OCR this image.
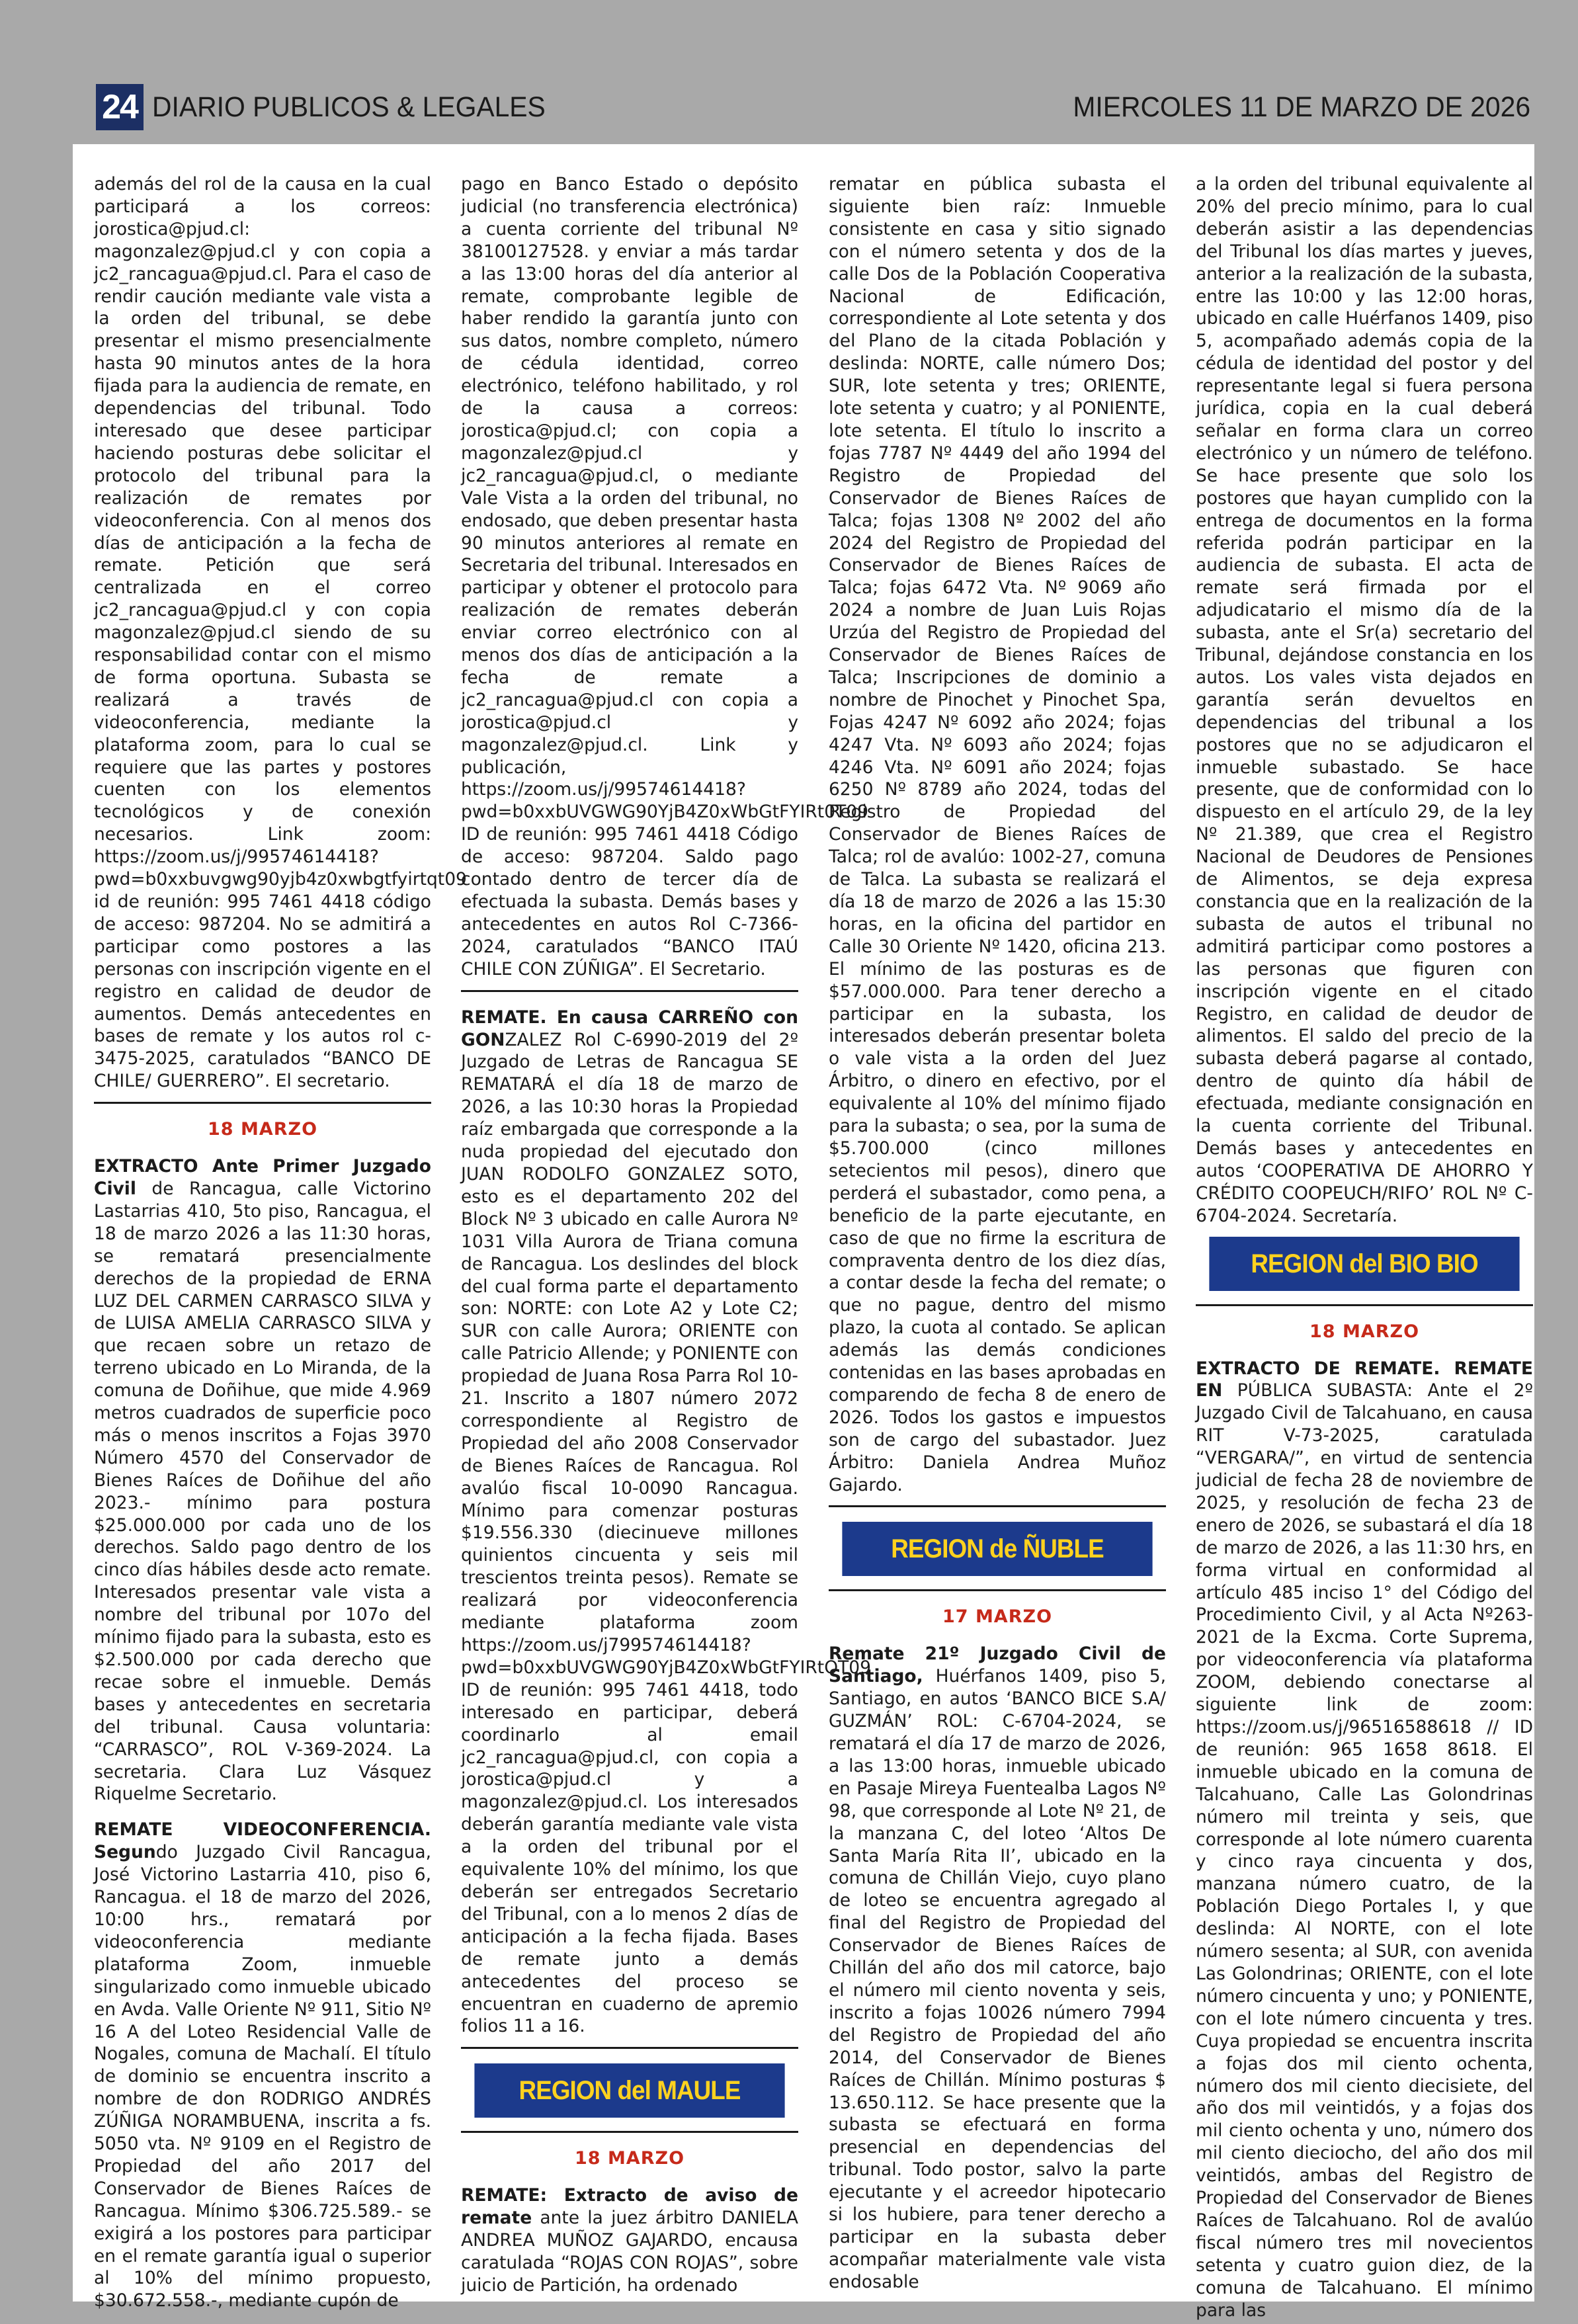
24 DIARIO PUBLICOS & LEGALES	MIERCOLES 11 DE MARZO DE 2026

además del rol de la causa en la cual participará a los correos: jorostica@pjud.cl: magonzalez@pjud.cl y con copia a jc2_rancagua@pjud.cl. Para el caso de rendir caución mediante vale vista a la orden del tribunal, se debe presentar el mismo presencialmente hasta 90 minutos antes de la hora fijada para la audiencia de remate, en dependencias del tribunal. Todo interesado que desee participar haciendo posturas debe solicitar el protocolo del tribunal para la realización de remates por videoconferencia. Con al menos dos días de anticipación a la fecha de remate. Petición que será centralizada en el correo jc2_rancagua@pjud.cl y con copia magonzalez@pjud.cl siendo de su responsabilidad contar con el mismo de forma oportuna. Subasta se realizará a través de videoconferencia, mediante la plataforma zoom, para lo cual se requiere que las partes y postores cuenten con los elementos tecnológicos y de conexión necesarios. Link zoom: https://zoom.us/j/99574614418?pwd=b0xxbuvgwg90yjb4z0xwbgtfyirtqt09 id de reunión: 995 7461 4418 código de acceso: 987204. No se admitirá a participar como postores a las personas con inscripción vigente en el registro en calidad de deudor de aumentos. Demás antecedentes en bases de remate y los autos rol c-3475-2025, caratulados “BANCO DE CHILE/ GUERRERO”. El secretario.

18 MARZO

EXTRACTO Ante Primer Juzgado Civil de Rancagua, calle Victorino Lastarrias 410, 5to piso, Rancagua, el 18 de marzo 2026 a las 11:30 horas, se rematará presencialmente derechos de la propiedad de ERNA LUZ DEL CARMEN CARRASCO SILVA y de LUISA AMELIA CARRASCO SILVA y que recaen sobre un retazo de terreno ubicado en Lo Miranda, de la comuna de Doñihue, que mide 4.969 metros cuadrados de superficie poco más o menos inscritos a Fojas 3970 Número 4570 del Conservador de Bienes Raíces de Doñihue del año 2023.- mínimo para postura $25.000.000 por cada uno de los derechos. Saldo pago dentro de los cinco días hábiles desde acto remate. Interesados presentar vale vista a nombre del tribunal por 107o del mínimo fijado para la subasta, esto es $2.500.000 por cada derecho que recae sobre el inmueble. Demás bases y antecedentes en secretaria del tribunal. Causa voluntaria: “CARRASCO”, ROL V-369-2024. La secretaria. Clara Luz Vásquez Riquelme Secretario.

REMATE VIDEOCONFERENCIA. Segundo Juzgado Civil Rancagua, José Victorino Lastarria 410, piso 6, Rancagua. el 18 de marzo del 2026, 10:00 hrs., rematará por videoconferencia mediante plataforma Zoom, inmueble singularizado como inmueble ubicado en Avda. Valle Oriente Nº 911, Sitio Nº 16 A del Loteo Residencial Valle de Nogales, comuna de Machalí. El título de dominio se encuentra inscrito a nombre de don RODRIGO ANDRÉS ZÚÑIGA NORAMBUENA, inscrita a fs. 5050 vta. Nº 9109 en el Registro de Propiedad del año 2017 del Conservador de Bienes Raíces de Rancagua. Mínimo $306.725.589.- se exigirá a los postores para participar en el remate garantía igual o superior al 10% del mínimo propuesto, $30.672.558.-, mediante cupón de

pago en Banco Estado o depósito judicial (no transferencia electrónica) a cuenta corriente del tribunal Nº 38100127528. y enviar a más tardar a las 13:00 horas del día anterior al remate, comprobante legible de haber rendido la garantía junto con sus datos, nombre completo, número de cédula identidad, correo electrónico, teléfono habilitado, y rol de la causa a correos: jorostica@pjud.cl; con copia a magonzalez@pjud.cl y jc2_rancagua@pjud.cl, o mediante Vale Vista a la orden del tribunal, no endosado, que deben presentar hasta 90 minutos anteriores al remate en Secretaria del tribunal. Interesados en participar y obtener el protocolo para realización de remates deberán enviar correo electrónico con al menos dos días de anticipación a la fecha de remate a jc2_rancagua@pjud.cl con copia a jorostica@pjud.cl y magonzalez@pjud.cl. Link y publicación, https://zoom.us/j/99574614418?pwd=b0xxbUVGWG90YjB4Z0xWbGtFYIRt0T09 ID de reunión: 995 7461 4418 Código de acceso: 987204. Saldo pago contado dentro de tercer día de efectuada la subasta. Demás bases y antecedentes en autos Rol C-7366-2024, caratulados “BANCO ITAÚ CHILE CON ZÚÑIGA”. El Secretario.

REMATE. En causa CARREÑO con GONZALEZ Rol C-6990-2019 del 2º Juzgado de Letras de Rancagua SE REMATARÁ el día 18 de marzo de 2026, a las 10:30 horas la Propiedad raíz embargada que corresponde a la nuda propiedad del ejecutado don JUAN RODOLFO GONZALEZ SOTO, esto es el departamento 202 del Block Nº 3 ubicado en calle Aurora Nº 1031 Villa Aurora de Triana comuna de Rancagua. Los deslindes del block del cual forma parte el departamento son: NORTE: con Lote A2 y Lote C2; SUR con calle Aurora; ORIENTE con calle Patricio Allende; y PONIENTE con propiedad de Juana Rosa Parra Rol 10-21. Inscrito a 1807 número 2072 correspondiente al Registro de Propiedad del año 2008 Conservador de Bienes Raíces de Rancagua. Rol avalúo fiscal 10-0090 Rancagua. Mínimo para comenzar posturas $19.556.330 (diecinueve millones quinientos cincuenta y seis mil trescientos treinta pesos). Remate se realizará por videoconferencia mediante plataforma zoom https://zoom.us/j799574614418?pwd=b0xxbUVGWG90YjB4Z0xWbGtFYIRtQT09 ID de reunión: 995 7461 4418, todo interesado en participar, deberá coordinarlo al email jc2_rancagua@pjud.cl, con copia a jorostica@pjud.cl y a magonzalez@pjud.cl. Los interesados deberán garantía mediante vale vista a la orden del tribunal por el equivalente 10% del mínimo, los que deberán ser entregados Secretario del Tribunal, con a lo menos 2 días de anticipación a la fecha fijada. Bases de remate junto a demás antecedentes del proceso se encuentran en cuaderno de apremio folios 11 a 16.

REGION del MAULE
18 MARZO

REMATE: Extracto de aviso de remate ante la juez árbitro DANIELA ANDREA MUÑOZ GAJARDO, encausa caratulada “ROJAS CON ROJAS”, sobre juicio de Partición, ha ordenado

rematar en pública subasta el siguiente bien raíz: Inmueble consistente en casa y sitio signado con el número setenta y dos de la calle Dos de la Población Cooperativa Nacional de Edificación, correspondiente al Lote setenta y dos del Plano de la citada Población y deslinda: NORTE, calle número Dos; SUR, lote setenta y tres; ORIENTE, lote setenta y cuatro; y al PONIENTE, lote setenta. El título lo inscrito a fojas 7787 Nº 4449 del año 1994 del Registro de Propiedad del Conservador de Bienes Raíces de Talca; fojas 1308 Nº 2002 del año 2024 del Registro de Propiedad del Conservador de Bienes Raíces de Talca; fojas 6472 Vta. Nº 9069 año 2024 a nombre de Juan Luis Rojas Urzúa del Registro de Propiedad del Conservador de Bienes Raíces de Talca; Inscripciones de dominio a nombre de Pinochet y Pinochet Spa, Fojas 4247 Nº 6092 año 2024; fojas 4247 Vta. Nº 6093 año 2024; fojas 4246 Vta. Nº 6091 año 2024; fojas 6250 Nº 8789 año 2024, todas del Registro de Propiedad del Conservador de Bienes Raíces de Talca; rol de avalúo: 1002-27, comuna de Talca. La subasta se realizará el día 18 de marzo de 2026 a las 15:30 horas, en la oficina del partidor en Calle 30 Oriente Nº 1420, oficina 213. El mínimo de las posturas es de $57.000.000. Para tener derecho a participar en la subasta, los interesados deberán presentar boleta o vale vista a la orden del Juez Árbitro, o dinero en efectivo, por el equivalente al 10% del mínimo fijado para la subasta; o sea, por la suma de $5.700.000 (cinco millones setecientos mil pesos), dinero que perderá el subastador, como pena, a beneficio de la parte ejecutante, en caso de que no firme la escritura de compraventa dentro de los diez días, a contar desde la fecha del remate; o que no pague, dentro del mismo plazo, la cuota al contado. Se aplican además las demás condiciones contenidas en las bases aprobadas en comparendo de fecha 8 de enero de 2026. Todos los gastos e impuestos son de cargo del subastador. Juez Árbitro: Daniela Andrea Muñoz Gajardo.

REGION de ÑUBLE
17 MARZO

Remate 21º Juzgado Civil de Santiago, Huérfanos 1409, piso 5, Santiago, en autos ‘BANCO BICE S.A/ GUZMÁN’ ROL: C-6704-2024, se rematará el día 17 de marzo de 2026, a las 13:00 horas, inmueble ubicado en Pasaje Mireya Fuentealba Lagos Nº 98, que corresponde al Lote Nº 21, de la manzana C, del loteo ‘Altos De Santa María Rita II’, ubicado en la comuna de Chillán Viejo, cuyo plano de loteo se encuentra agregado al final del Registro de Propiedad del Conservador de Bienes Raíces de Chillán del año dos mil catorce, bajo el número mil ciento noventa y seis, inscrito a fojas 10026 número 7994 del Registro de Propiedad del año 2014, del Conservador de Bienes Raíces de Chillán. Mínimo posturas $ 13.650.112. Se hace presente que la subasta se efectuará en forma presencial en dependencias del tribunal. Todo postor, salvo la parte ejecutante y el acreedor hipotecario si los hubiere, para tener derecho a participar en la subasta deber acompañar materialmente vale vista endosable

a la orden del tribunal equivalente al 20% del precio mínimo, para lo cual deberán asistir a las dependencias del Tribunal los días martes y jueves, anterior a la realización de la subasta, entre las 10:00 y las 12:00 horas, ubicado en calle Huérfanos 1409, piso 5, acompañado además copia de la cédula de identidad del postor y del representante legal si fuera persona jurídica, copia en la cual deberá señalar en forma clara un correo electrónico y un número de teléfono. Se hace presente que solo los postores que hayan cumplido con la entrega de documentos en la forma referida podrán participar en la audiencia de subasta. El acta de remate será firmada por el adjudicatario el mismo día de la subasta, ante el Sr(a) secretario del Tribunal, dejándose constancia en los autos. Los vales vista dejados en garantía serán devueltos en dependencias del tribunal a los postores que no se adjudicaron el inmueble subastado. Se hace presente, que de conformidad con lo dispuesto en el artículo 29, de la ley Nº 21.389, que crea el Registro Nacional de Deudores de Pensiones de Alimentos, se deja expresa constancia que en la realización de la subasta de autos el tribunal no admitirá participar como postores a las personas que figuren con inscripción vigente en el citado Registro, en calidad de deudor de alimentos. El saldo del precio de la subasta deberá pagarse al contado, dentro de quinto día hábil de efectuada, mediante consignación en la cuenta corriente del Tribunal. Demás bases y antecedentes en autos ‘COOPERATIVA DE AHORRO Y CRÉDITO COOPEUCH/RIFO’ ROL Nº C-6704-2024. Secretaría.

REGION del BIO BIO
18 MARZO

EXTRACTO DE REMATE. REMATE EN PÚBLICA SUBASTA: Ante el 2º Juzgado Civil de Talcahuano, en causa RIT V-73-2025, caratulada “VERGARA/”, en virtud de sentencia judicial de fecha 28 de noviembre de 2025, y resolución de fecha 23 de enero de 2026, se subastará el día 18 de marzo de 2026, a las 11:30 hrs, en forma virtual en conformidad al artículo 485 inciso 1° del Código del Procedimiento Civil, y al Acta Nº263- 2021 de la Excma. Corte Suprema, por videoconferencia vía plataforma ZOOM, debiendo conectarse al siguiente link de zoom: https://zoom.us/j/96516588618 // ID de reunión: 965 1658 8618. El inmueble ubicado en la comuna de Talcahuano, Calle Las Golondrinas número mil treinta y seis, que corresponde al lote número cuarenta y cinco raya cincuenta y dos, manzana número cuatro, de la Población Diego Portales I, y que deslinda: Al NORTE, con el lote número sesenta; al SUR, con avenida Las Golondrinas; ORIENTE, con el lote número cincuenta y uno; y PONIENTE, con el lote número cincuenta y tres. Cuya propiedad se encuentra inscrita a fojas dos mil ciento ochenta, número dos mil ciento diecisiete, del año dos mil veintidós, y a fojas dos mil ciento ochenta y uno, número dos mil ciento dieciocho, del año dos mil veintidós, ambas del Registro de Propiedad del Conservador de Bienes Raíces de Talcahuano. Rol de avalúo fiscal número tres mil novecientos setenta y cuatro guion diez, de la comuna de Talcahuano. El mínimo para las
